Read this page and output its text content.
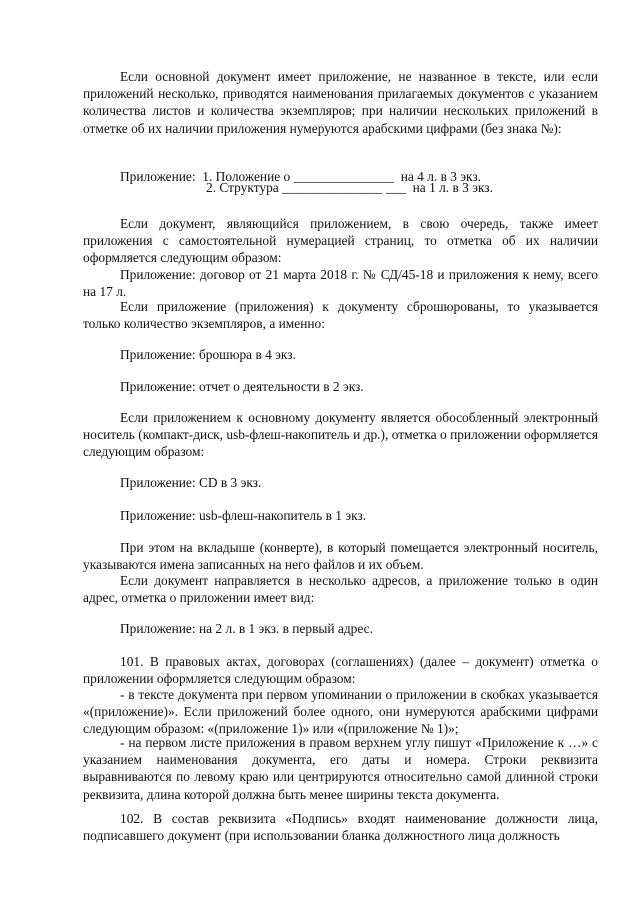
Если основной документ имеет приложение, не названное в тексте, или если приложений несколько, приводятся наименования прилагаемых документов с указанием количества листов и количества экземпляров; при наличии нескольких приложений в отметке об их наличии приложения нумеруются арабскими цифрами (без знака №):

Приложение:  1. Положение о _______________  на 4 л. в 3 экз.

2. Структура _______________ ___  на 1 л. в 3 экз.

Если документ, являющийся приложением, в свою очередь, также имеет приложения с самостоятельной нумерацией страниц, то отметка об их наличии оформляется следующим образом:

Приложение: договор от 21 марта 2018 г. № СД/45-18 и приложения к нему, всего на 17 л.

Если приложение (приложения) к документу сброшюрованы, то указывается только количество экземпляров, а именно:

Приложение: брошюра в 4 экз.

Приложение: отчет о деятельности в 2 экз.

Если приложением к основному документу является обособленный электронный носитель (компакт-диск, usb-флеш-накопитель и др.), отметка о приложении оформляется следующим образом:

Приложение: CD в 3 экз.

Приложение: usb-флеш-накопитель в 1 экз.

При этом на вкладыше (конверте), в который помещается электронный носитель, указываются имена записанных на него файлов и их объем.

Если документ направляется в несколько адресов, а приложение только в один адрес, отметка о приложении имеет вид:

Приложение: на 2 л. в 1 экз. в первый адрес.

101. В правовых актах, договорах (соглашениях) (далее – документ) отметка о приложении оформляется следующим образом:

- в тексте документа при первом упоминании о приложении в скобках указывается «(приложение)». Если приложений более одного, они нумеруются арабскими цифрами следующим образом: «(приложение 1)» или «(приложение № 1)»;

- на первом листе приложения в правом верхнем углу пишут «Приложение к …» с указанием наименования документа, его даты и номера. Строки реквизита выравниваются по левому краю или центрируются относительно самой длинной строки реквизита, длина которой должна быть менее ширины текста документа.

102. В состав реквизита «Подпись» входят наименование должности лица, подписавшего документ (при использовании бланка должностного лица должность
